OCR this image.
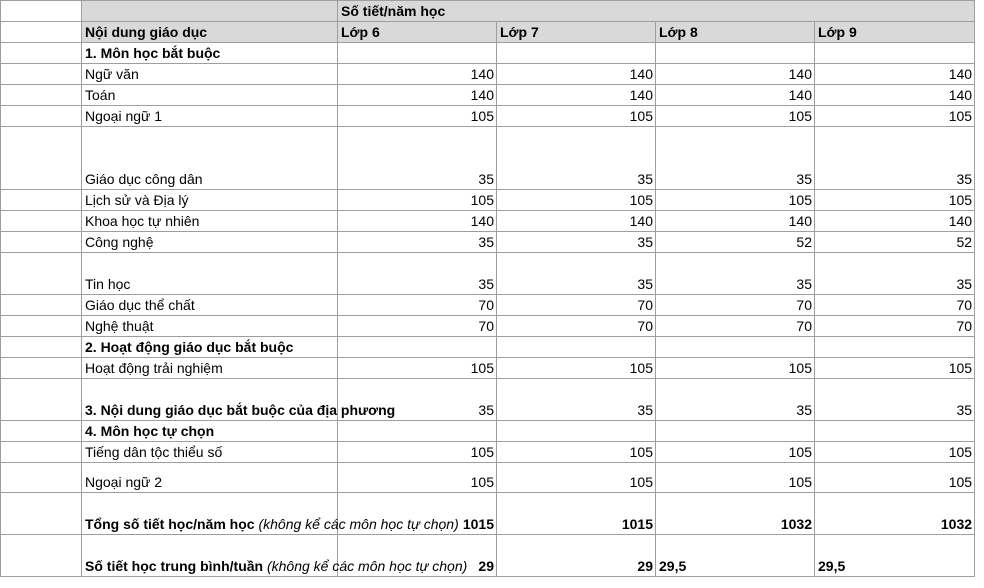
		Số tiết/năm học			
	Nội dung giáo dục	Lớp 6	Lớp 7	Lớp 8	Lớp 9
	1. Môn học bắt buộc				
	Ngữ văn	140	140	140	140
	Toán	140	140	140	140
	Ngoại ngữ 1	105	105	105	105
	Giáo dục công dân	35	35	35	35
	Lịch sử và Địa lý	105	105	105	105
	Khoa học tự nhiên	140	140	140	140
	Công nghệ	35	35	52	52
	Tin học	35	35	35	35
	Giáo dục thể chất	70	70	70	70
	Nghệ thuật	70	70	70	70
	2. Hoạt động giáo dục bắt buộc				
	Hoạt động trải nghiệm	105	105	105	105
	3. Nội dung giáo dục bắt buộc của địa phương	35	35	35	35
	4. Môn học tự chọn				
	Tiếng dân tộc thiểu số	105	105	105	105
	Ngoại ngữ 2	105	105	105	105
	Tổng số tiết học/năm học (không kể các môn học tự chọn)	1015	1015	1032	1032
	Số tiết học trung bình/tuần (không kể các môn học tự chọn)	29	29	29,5	29,5
